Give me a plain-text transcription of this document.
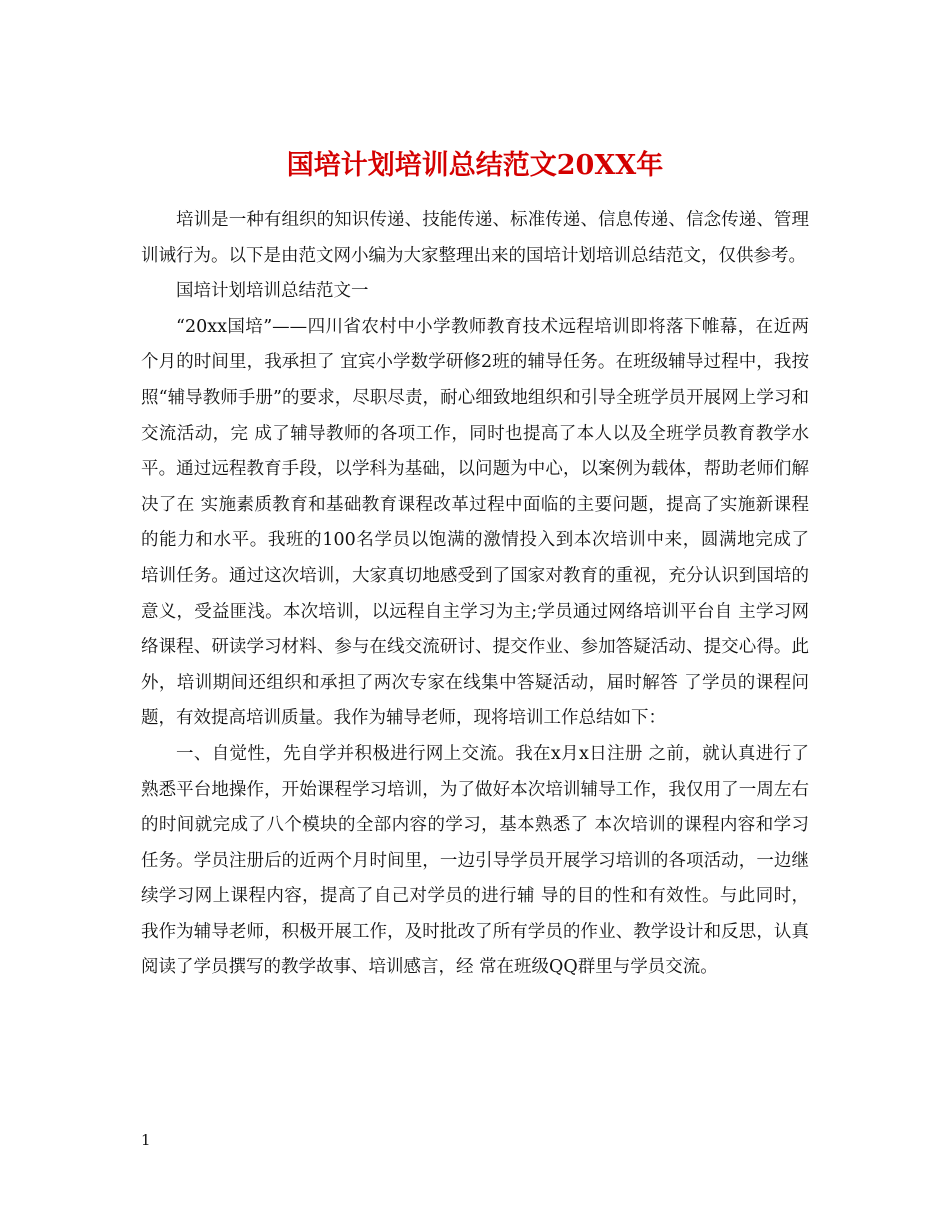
国培计划培训总结范文20XX年

培训是一种有组织的知识传递、技能传递、标准传递、信息传递、信念传递、管理训诫行为。以下是由范文网小编为大家整理出来的国培计划培训总结范文，仅供参考。

国培计划培训总结范文一

“20xx国培”——四川省农村中小学教师教育技术远程培训即将落下帷幕，在近两个月的时间里，我承担了 宜宾小学数学研修2班的辅导任务。在班级辅导过程中，我按照“辅导教师手册”的要求，尽职尽责，耐心细致地组织和引导全班学员开展网上学习和交流活动，完 成了辅导教师的各项工作，同时也提高了本人以及全班学员教育教学水平。通过远程教育手段，以学科为基础，以问题为中心，以案例为载体，帮助老师们解决了在 实施素质教育和基础教育课程改革过程中面临的主要问题，提高了实施新课程的能力和水平。我班的100名学员以饱满的激情投入到本次培训中来，圆满地完成了 培训任务。通过这次培训，大家真切地感受到了国家对教育的重视，充分认识到国培的意义，受益匪浅。本次培训，以远程自主学习为主;学员通过网络培训平台自 主学习网络课程、研读学习材料、参与在线交流研讨、提交作业、参加答疑活动、提交心得。此外，培训期间还组织和承担了两次专家在线集中答疑活动，届时解答 了学员的课程问题，有效提高培训质量。我作为辅导老师，现将培训工作总结如下：

一、自觉性，先自学并积极进行网上交流。我在x月x日注册 之前，就认真进行了熟悉平台地操作，开始课程学习培训，为了做好本次培训辅导工作，我仅用了一周左右的时间就完成了八个模块的全部内容的学习，基本熟悉了 本次培训的课程内容和学习任务。学员注册后的近两个月时间里，一边引导学员开展学习培训的各项活动，一边继续学习网上课程内容，提高了自己对学员的进行辅 导的目的性和有效性。与此同时，我作为辅导老师，积极开展工作，及时批改了所有学员的作业、教学设计和反思，认真阅读了学员撰写的教学故事、培训感言，经 常在班级QQ群里与学员交流。

1
